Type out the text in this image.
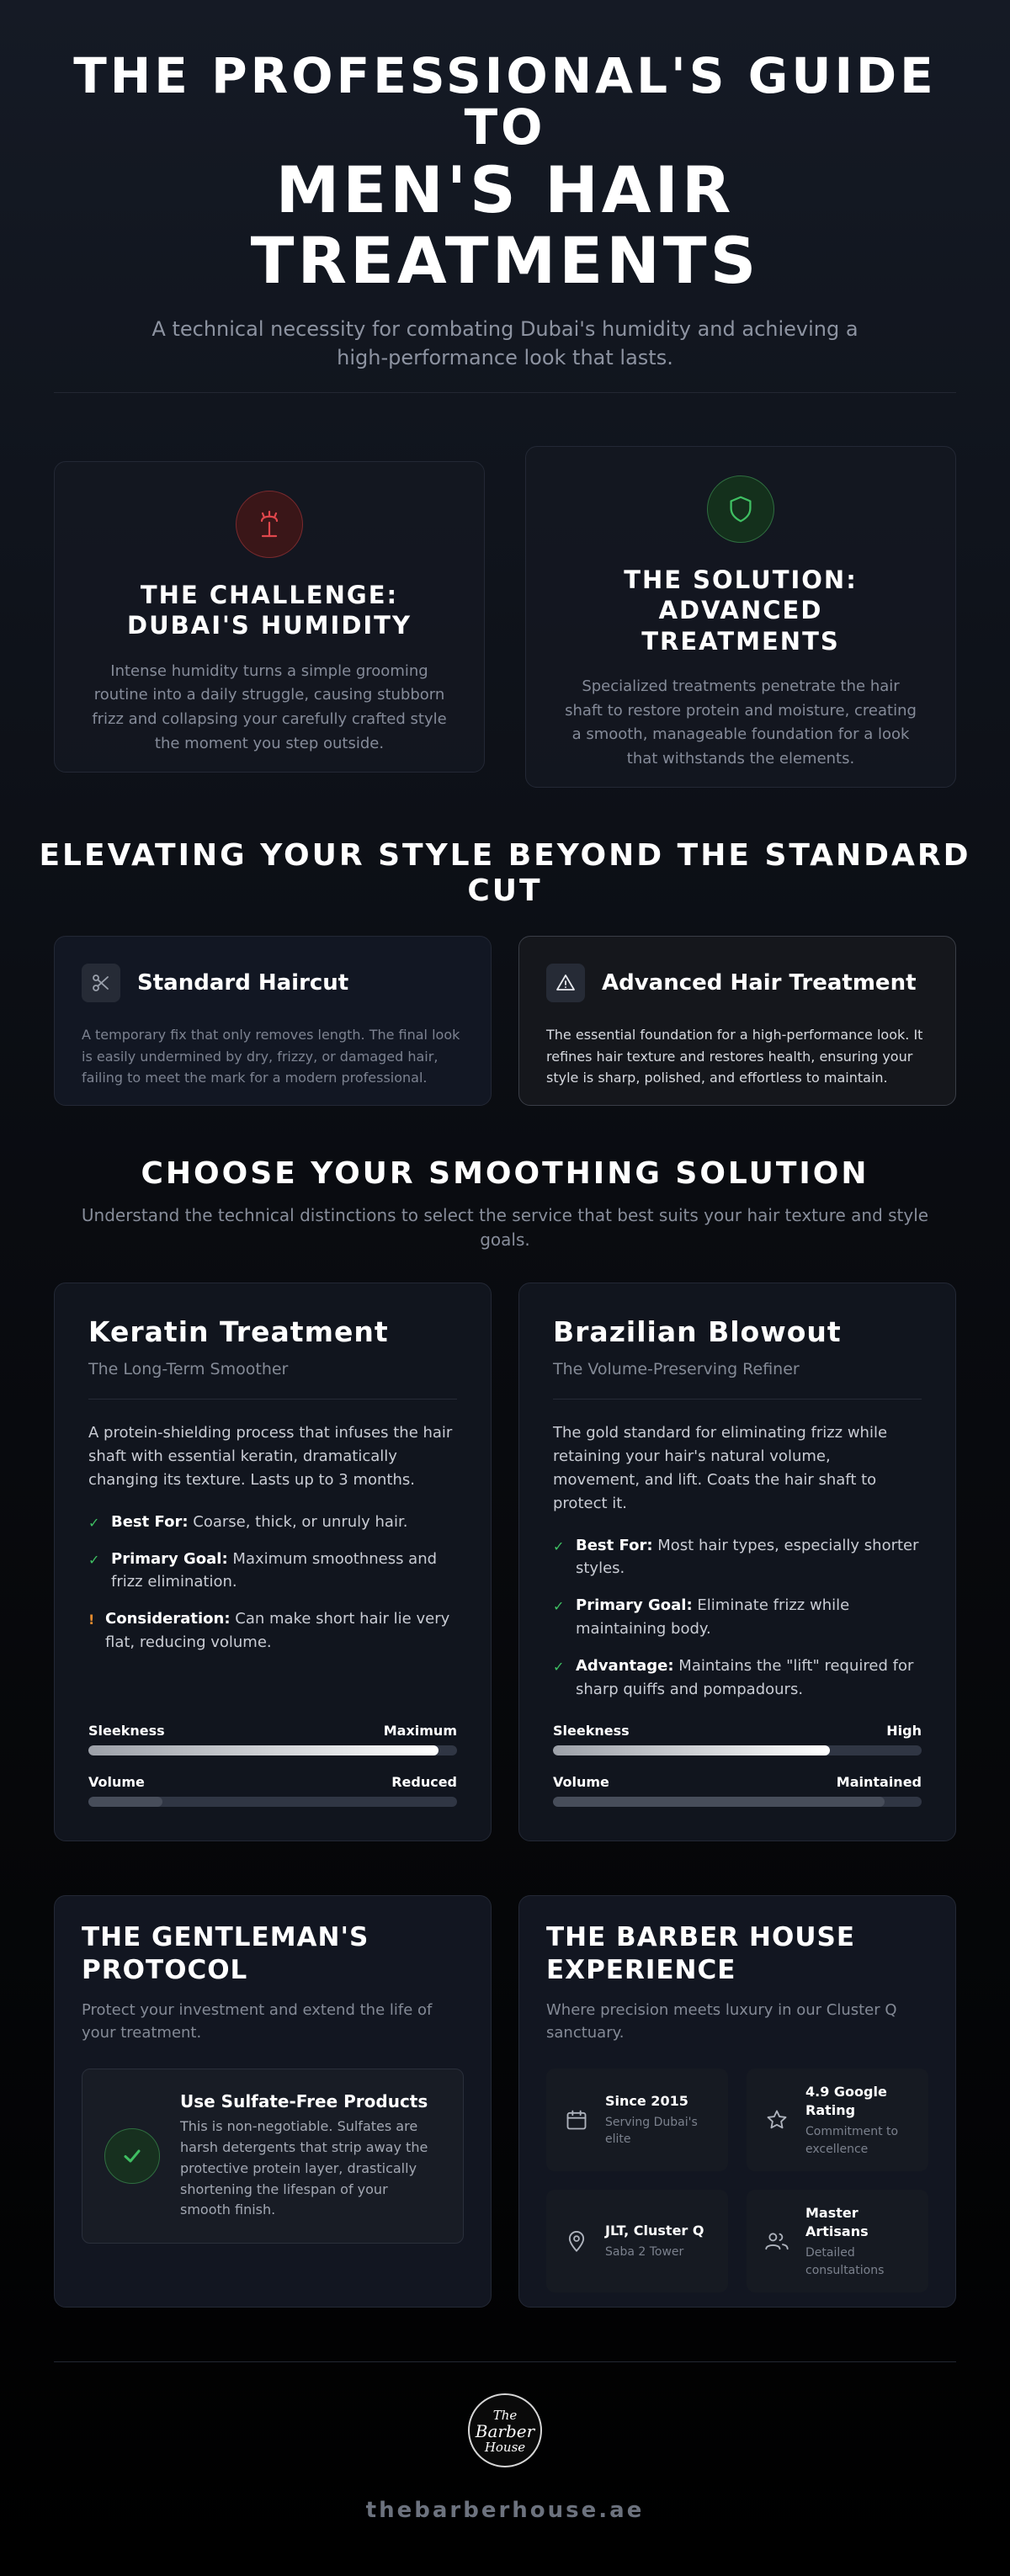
THE PROFESSIONAL'S GUIDE
TO
MEN'S HAIR
TREATMENTS

A technical necessity for combating Dubai's humidity and achieving a high-performance look that lasts.

THE CHALLENGE:
DUBAI'S HUMIDITY

Intense humidity turns a simple grooming routine into a daily struggle, causing stubborn frizz and collapsing your carefully crafted style the moment you step outside.

THE SOLUTION:
ADVANCED
TREATMENTS

Specialized treatments penetrate the hair shaft to restore protein and moisture, creating a smooth, manageable foundation for a look that withstands the elements.

ELEVATING YOUR STYLE BEYOND THE STANDARD
CUT
Standard Haircut

A temporary fix that only removes length. The final look is easily undermined by dry, frizzy, or damaged hair, failing to meet the mark for a modern professional.

Advanced Hair Treatment

The essential foundation for a high-performance look. It refines hair texture and restores health, ensuring your style is sharp, polished, and effortless to maintain.

CHOOSE YOUR SMOOTHING SOLUTION

Understand the technical distinctions to select the service that best suits your hair texture and style goals.

Keratin Treatment
The Long-Term Smoother

A protein-shielding process that infuses the hair shaft with essential keratin, dramatically changing its texture. Lasts up to 3 months.

✓ Best For: Coarse, thick, or unruly hair.
✓ Primary Goal: Maximum smoothness and frizz elimination.
! Consideration: Can make short hair lie very flat, reducing volume.
Sleekness	Maximum
Volume	Reduced
Brazilian Blowout
The Volume-Preserving Refiner

The gold standard for eliminating frizz while retaining your hair's natural volume, movement, and lift. Coats the hair shaft to protect it.

✓ Best For: Most hair types, especially shorter styles.
✓ Primary Goal: Eliminate frizz while maintaining body.
✓ Advantage: Maintains the "lift" required for sharp quiffs and pompadours.
Sleekness	High
Volume	Maintained
THE GENTLEMAN'S
PROTOCOL

Protect your investment and extend the life of your treatment.

Use Sulfate-Free Products

This is non-negotiable. Sulfates are harsh detergents that strip away the protective protein layer, drastically shortening the lifespan of your smooth finish.

THE BARBER HOUSE
EXPERIENCE

Where precision meets luxury in our Cluster Q sanctuary.

Since 2015
Serving Dubai's elite
4.9 Google Rating
Commitment to excellence
JLT, Cluster Q
Saba 2 Tower
Master Artisans
Detailed consultations
The
Barber
House
thebarberhouse.ae
